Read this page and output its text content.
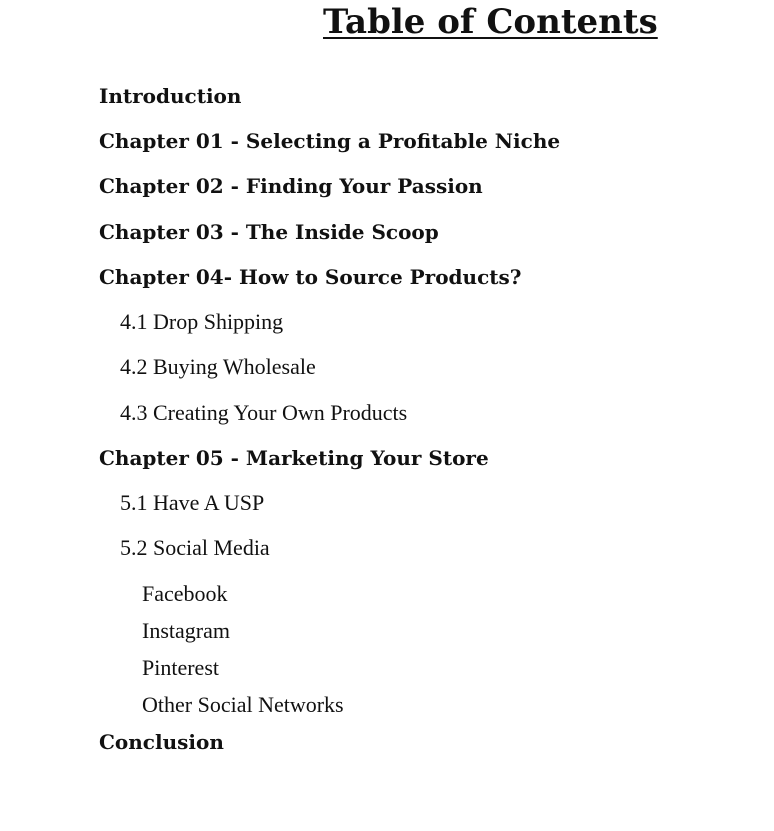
Table of Contents
Introduction
Chapter 01 - Selecting a Profitable Niche
Chapter 02 - Finding Your Passion
Chapter 03 - The Inside Scoop
Chapter 04- How to Source Products?
4.1 Drop Shipping
4.2 Buying Wholesale
4.3 Creating Your Own Products
Chapter 05 - Marketing Your Store
5.1 Have A USP
5.2 Social Media
Facebook
Instagram
Pinterest
Other Social Networks
Conclusion
